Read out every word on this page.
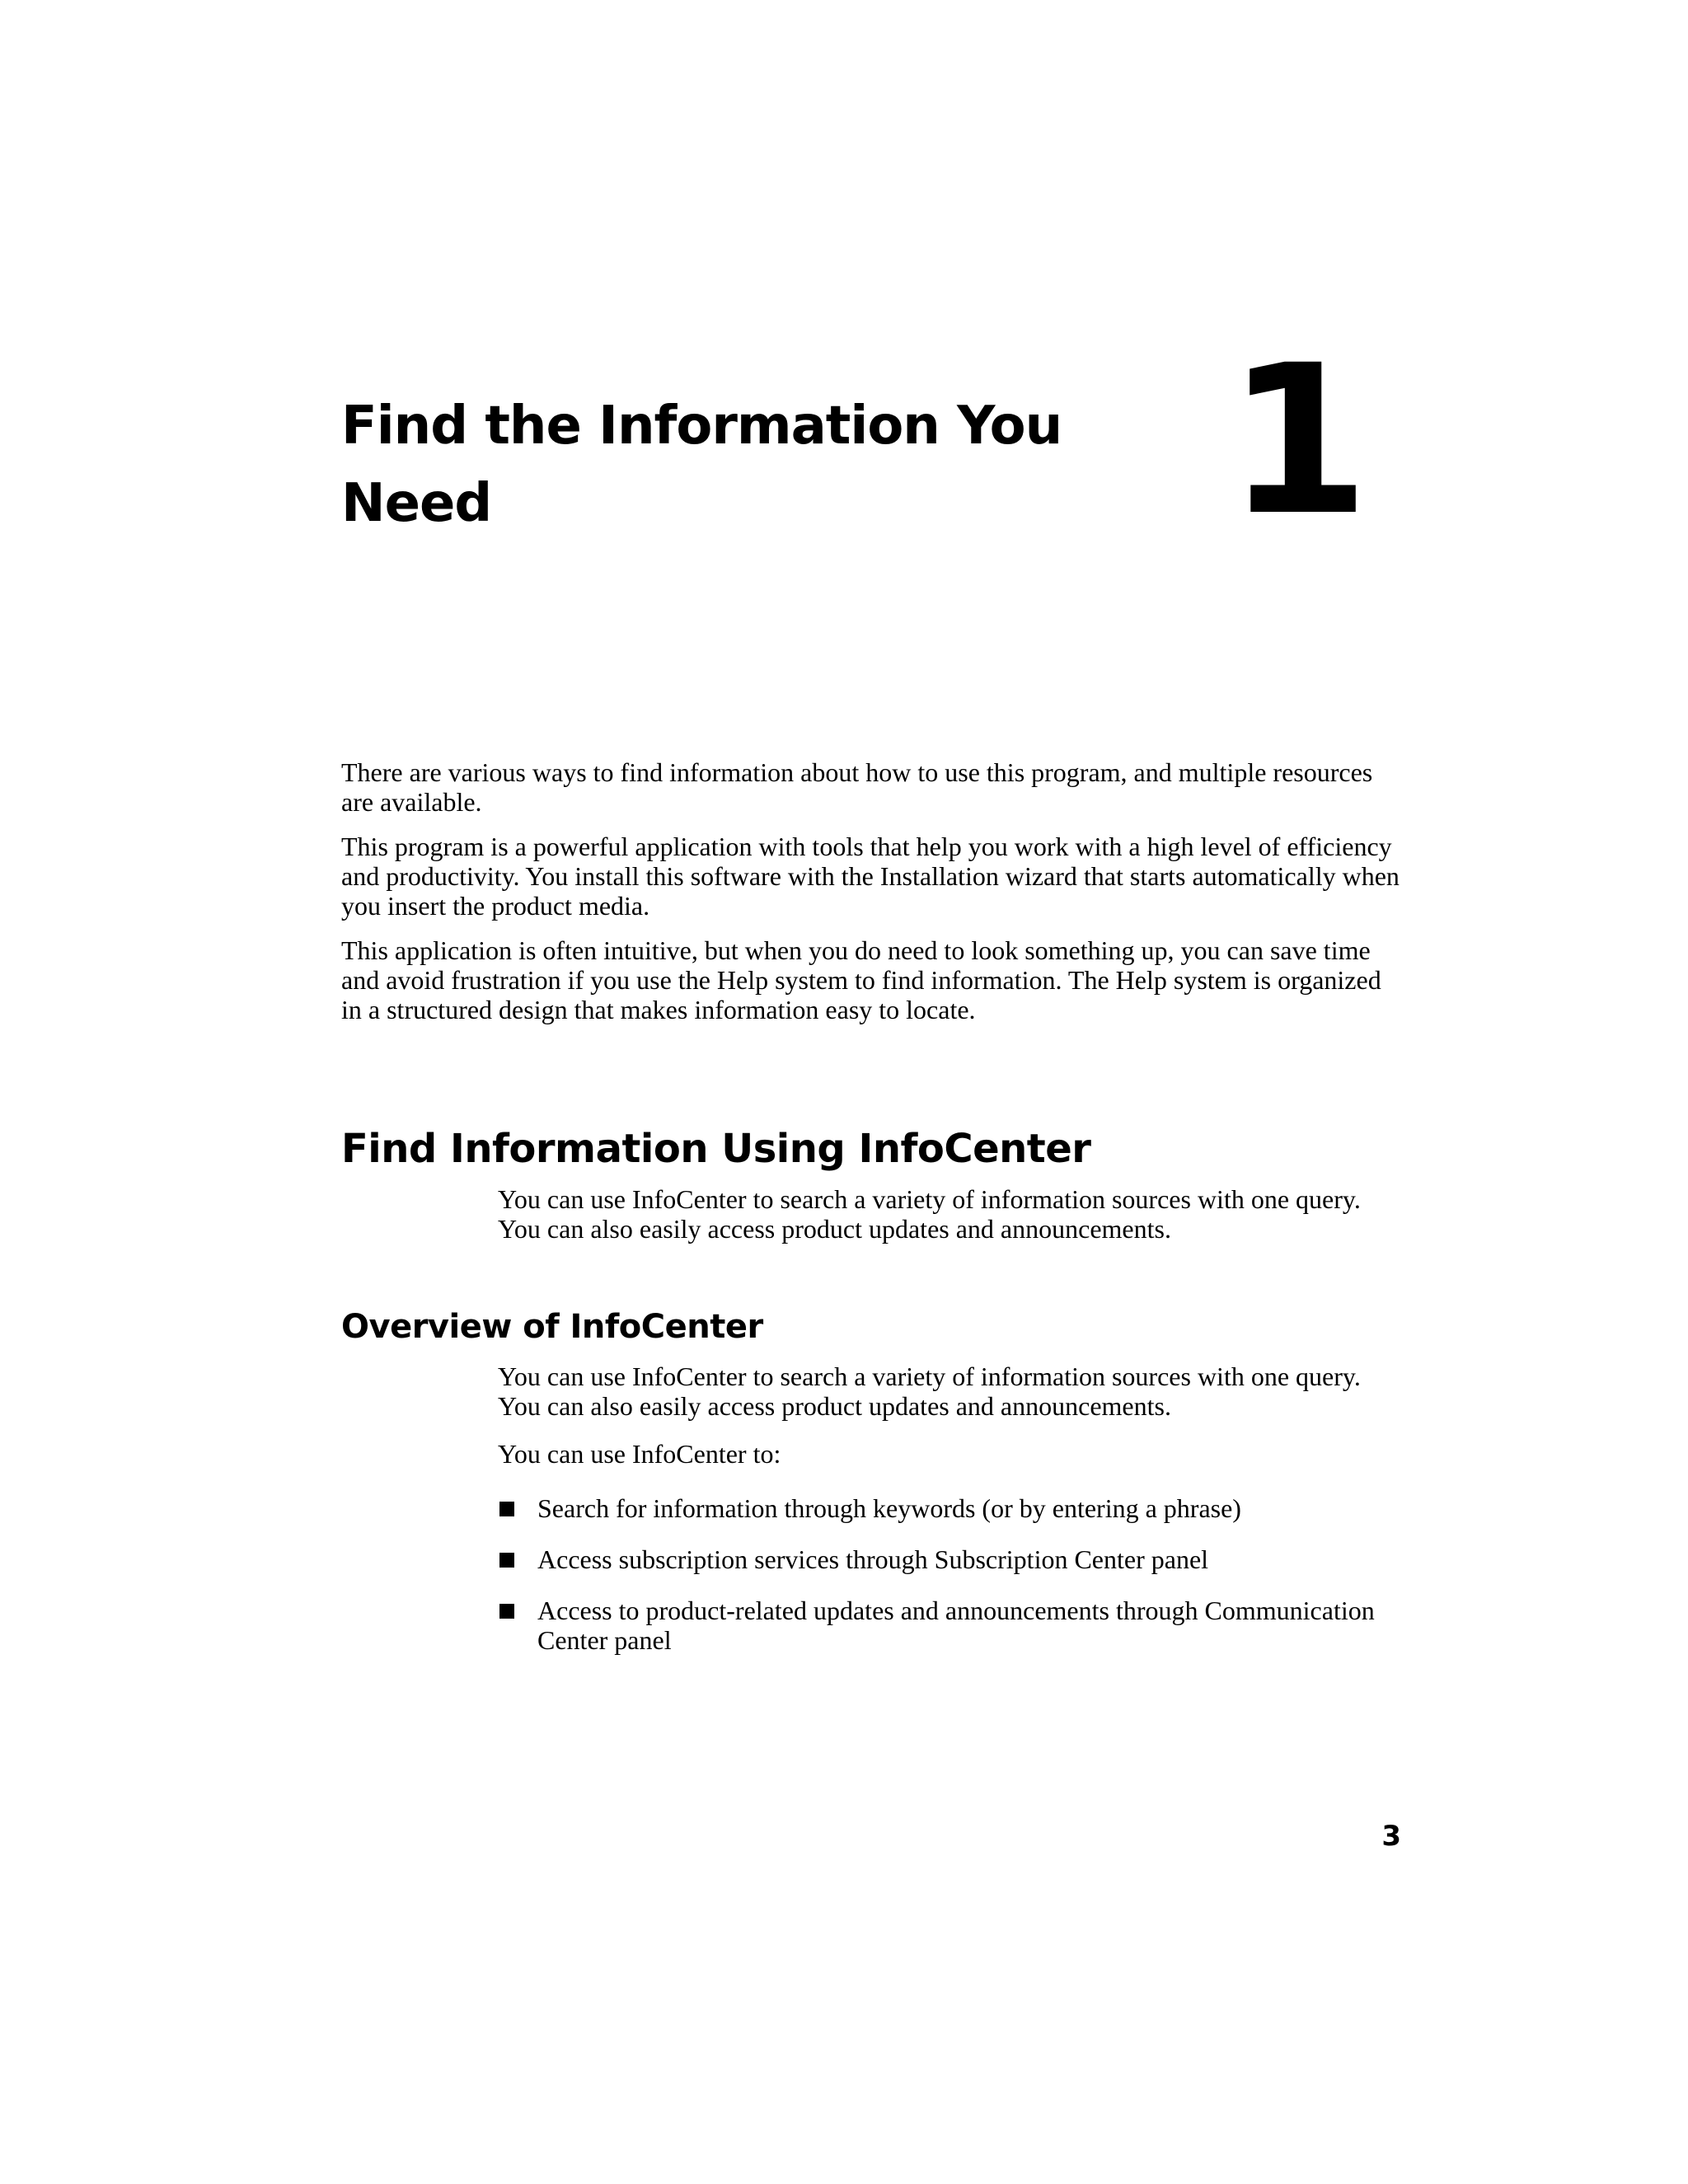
Find the Information You
Need	1

There are various ways to find information about how to use this program, and multiple resources are available.

This program is a powerful application with tools that help you work with a high level of efficiency and productivity. You install this software with the Installation wizard that starts automatically when you insert the product media.

This application is often intuitive, but when you do need to look something up, you can save time and avoid frustration if you use the Help system to find information. The Help system is organized in a structured design that makes information easy to locate.

Find Information Using InfoCenter

You can use InfoCenter to search a variety of information sources with one query. You can also easily access product updates and announcements.

Overview of InfoCenter

You can use InfoCenter to search a variety of information sources with one query. You can also easily access product updates and announcements.

You can use InfoCenter to:

Search for information through keywords (or by entering a phrase)
Access subscription services through Subscription Center panel
Access to product-related updates and announcements through Communication Center panel
3
